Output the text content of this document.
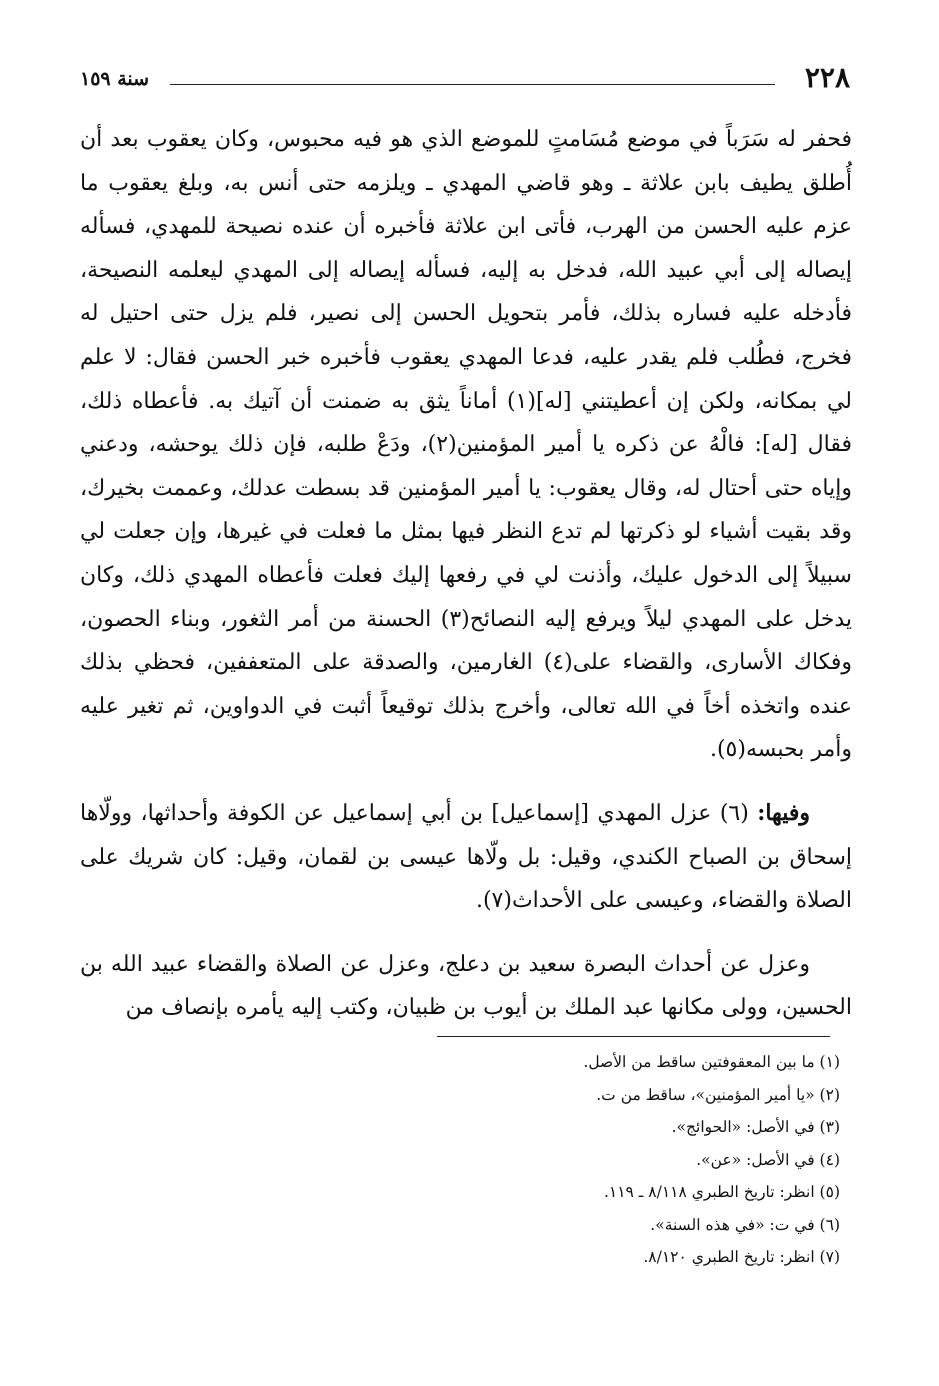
٢٢٨
سنة ١٥٩

فحفر له سَرَباً في موضع مُسَامتٍ للموضع الذي هو فيه محبوس، وكان يعقوب بعد أن أُطلق يطيف بابن علاثة ـ وهو قاضي المهدي ـ ويلزمه حتى أنس به، وبلغ يعقوب ما عزم عليه الحسن من الهرب، فأتى ابن علاثة فأخبره أن عنده نصيحة للمهدي، فسأله إيصاله إلى أبي عبيد الله، فدخل به إليه، فسأله إيصاله إلى المهدي ليعلمه النصيحة، فأدخله عليه فساره بذلك، فأمر بتحويل الحسن إلى نصير، فلم يزل حتى احتيل له فخرج، فطُلب فلم يقدر عليه، فدعا المهدي يعقوب فأخبره خبر الحسن فقال: لا علم لي بمكانه، ولكن إن أعطيتني [له](١) أماناً يثق به ضمنت أن آتيك به. فأعطاه ذلك، فقال [له]: فالْهُ عن ذكره يا أمير المؤمنين(٢)، ودَعْ طلبه، فإن ذلك يوحشه، ودعني وإياه حتى أحتال له، وقال يعقوب: يا أمير المؤمنين قد بسطت عدلك، وعممت بخيرك، وقد بقيت أشياء لو ذكرتها لم تدع النظر فيها بمثل ما فعلت في غيرها، وإن جعلت لي سبيلاً إلى الدخول عليك، وأذنت لي في رفعها إليك فعلت فأعطاه المهدي ذلك، وكان يدخل على المهدي ليلاً ويرفع إليه النصائح(٣) الحسنة من أمر الثغور، وبناء الحصون، وفكاك الأسارى، والقضاء على(٤) الغارمين، والصدقة على المتعففين، فحظي بذلك عنده واتخذه أخاً في الله تعالى، وأخرج بذلك توقيعاً أثبت في الدواوين، ثم تغير عليه وأمر بحبسه(٥).

وفيها: (٦) عزل المهدي [إسماعيل] بن أبي إسماعيل عن الكوفة وأحداثها، وولّاها إسحاق بن الصباح الكندي، وقيل: بل ولّاها عيسى بن لقمان، وقيل: كان شريك على الصلاة والقضاء، وعيسى على الأحداث(٧).

وعزل عن أحداث البصرة سعيد بن دعلج، وعزل عن الصلاة والقضاء عبيد الله بن الحسين، وولى مكانها عبد الملك بن أيوب بن ظبيان، وكتب إليه يأمره بإنصاف من

(١) ما بين المعقوفتين ساقط من الأصل.
(٢) «يا أمير المؤمنين»، ساقط من ت.
(٣) في الأصل: «الحوائج».
(٤) في الأصل: «عن».
(٥) انظر: تاريخ الطبري ٨/١١٨ ـ ١١٩.
(٦) في ت: «في هذه السنة».
(٧) انظر: تاريخ الطبري ٨/١٢٠.
